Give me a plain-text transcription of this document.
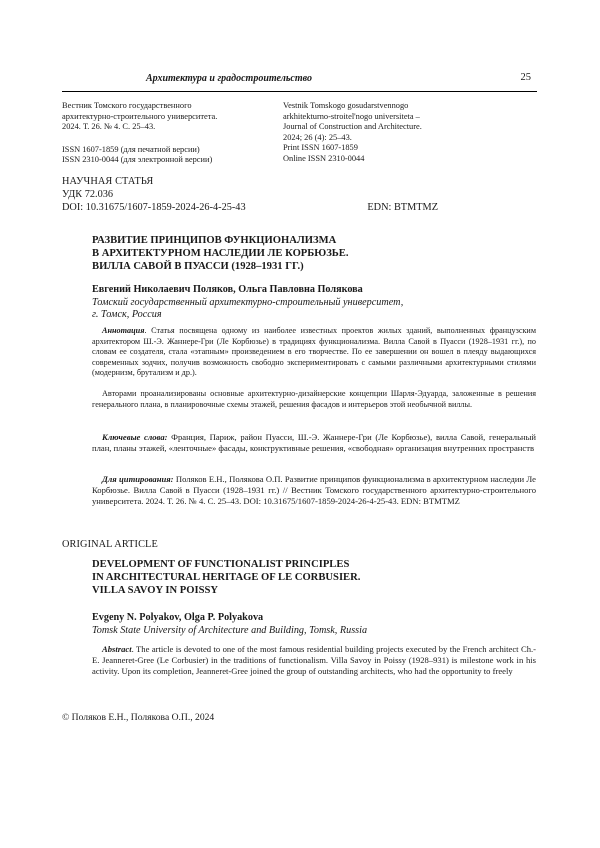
Архитектура и градостроительство	25
Вестник Томского государственного
архитектурно-строительного университета.
2024. Т. 26. № 4. С. 25–43.
ISSN 1607-1859 (для печатной версии)
ISSN 2310-0044 (для электронной версии)
Vestnik Tomskogo gosudarstvennogo
arkhitekturno-stroitel'nogo universiteta –
Journal of Construction and Architecture.
2024; 26 (4): 25–43.
Print ISSN 1607-1859
Online ISSN 2310-0044
НАУЧНАЯ СТАТЬЯ
УДК 72.036
DOI: 10.31675/1607-1859-2024-26-4-25-43	EDN: BTMTMZ
РАЗВИТИЕ ПРИНЦИПОВ ФУНКЦИОНАЛИЗМА
В АРХИТЕКТУРНОМ НАСЛЕДИИ ЛЕ КОРБЮЗЬЕ.
ВИЛЛА САВОЙ В ПУАССИ (1928–1931 ГГ.)
Евгений Николаевич Поляков, Ольга Павловна Полякова
Томский государственный архитектурно-строительный университет,
г. Томск, Россия
Аннотация. Статья посвящена одному из наиболее известных проектов жилых зданий, выполненных французским архитектором Ш.-Э. Жаннере-Гри (Ле Корбюзье) в традициях функционализма. Вилла Савой в Пуасси (1928–1931 гг.), по словам ее создателя, стала «этапным» произведением в его творчестве. По ее завершении он вошел в плеяду выдающихся современных зодчих, получив возможность свободно экспериментировать с самыми различными архитектурными стилями (модернизм, брутализм и др.).
Авторами проанализированы основные архитектурно-дизайнерские концепции Шарля-Эдуарда, заложенные в решения генерального плана, в планировочные схемы этажей, решения фасадов и интерьеров этой необычной виллы.
Ключевые слова: Франция, Париж, район Пуасси, Ш.-Э. Жаннере-Гри (Ле Корбюзье), вилла Савой, генеральный план, планы этажей, «ленточные» фасады, конктруктивные решения, «свободная» организация внутренних пространств
Для цитирования: Поляков Е.Н., Полякова О.П. Развитие принципов функционализма в архитектурном наследии Ле Корбюзье. Вилла Савой в Пуасси (1928–1931 гг.) // Вестник Томского государственного архитектурно-строительного университета. 2024. Т. 26. № 4. С. 25–43. DOI: 10.31675/1607-1859-2024-26-4-25-43. EDN: BTMTMZ
ORIGINAL ARTICLE
DEVELOPMENT OF FUNCTIONALIST PRINCIPLES
IN ARCHITECTURAL HERITAGE OF LE CORBUSIER.
VILLA SAVOY IN POISSY
Evgeny N. Polyakov, Olga P. Polyakova
Tomsk State University of Architecture and Building, Tomsk, Russia
Abstract. The article is devoted to one of the most famous residential building projects executed by the French architect Ch.-E. Jeanneret-Gree (Le Corbusier) in the traditions of functionalism. Villa Savoy in Poissy (1928–931) is milestone work in his activity. Upon its completion, Jeanneret-Gree joined the group of outstanding architects, who had the opportunity to freely
© Поляков Е.Н., Полякова О.П., 2024
